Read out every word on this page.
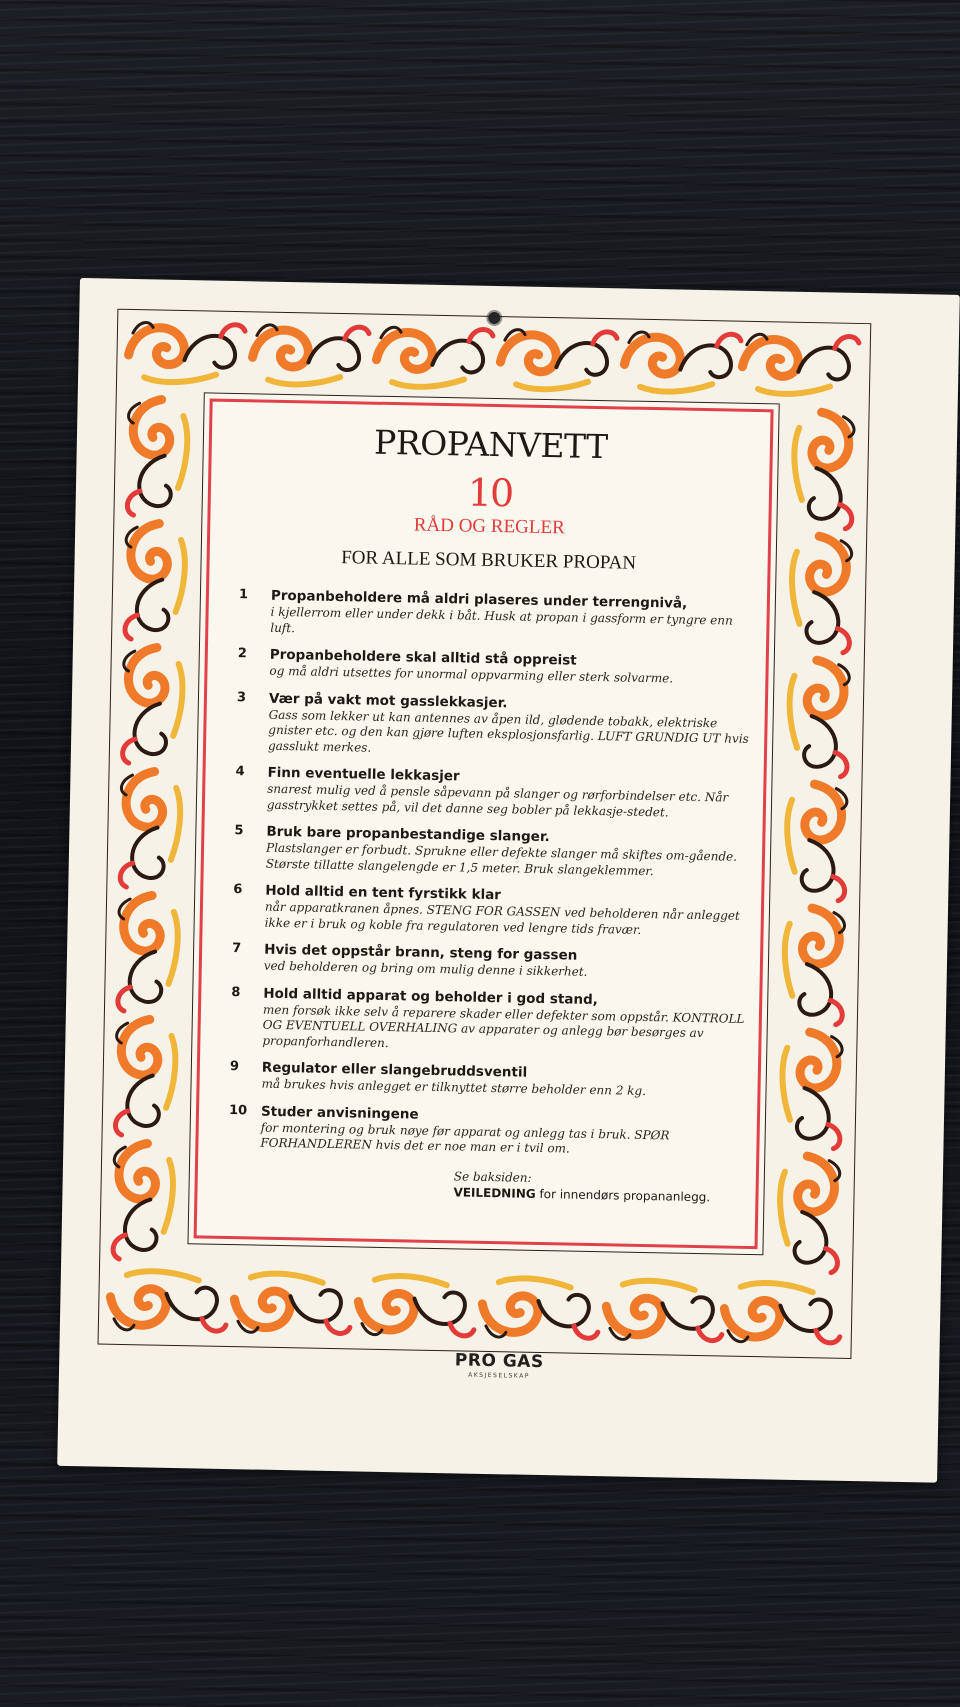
PROPANVETT
10
RÅD OG REGLER
FOR ALLE SOM BRUKER PROPAN
1	Propanbeholdere må aldri plaseres under terrengnivå,
i kjellerrom eller under dekk i båt. Husk at propan i gassform er tyngre enn luft.
2	Propanbeholdere skal alltid stå oppreist
og må aldri utsettes for unormal oppvarming eller sterk solvarme.
3	Vær på vakt mot gasslekkasjer.
Gass som lekker ut kan antennes av åpen ild, glødende tobakk, elektriske gnister etc. og den kan gjøre luften eksplosjonsfarlig. LUFT GRUNDIG UT hvis gasslukt merkes.
4	Finn eventuelle lekkasjer
snarest mulig ved å pensle såpevann på slanger og rørforbindelser etc. Når gasstrykket settes på, vil det danne seg bobler på lekkasje-stedet.
5	Bruk bare propanbestandige slanger.
Plastslanger er forbudt. Sprukne eller defekte slanger må skiftes om-gående. Største tillatte slangelengde er 1,5 meter. Bruk slangeklemmer.
6	Hold alltid en tent fyrstikk klar
når apparatkranen åpnes. STENG FOR GASSEN ved beholderen når anlegget ikke er i bruk og koble fra regulatoren ved lengre tids fravær.
7	Hvis det oppstår brann, steng for gassen
ved beholderen og bring om mulig denne i sikkerhet.
8	Hold alltid apparat og beholder i god stand,
men forsøk ikke selv å reparere skader eller defekter som oppstår. KONTROLL OG EVENTUELL OVERHALING av apparater og anlegg bør besørges av propanforhandleren.
9	Regulator eller slangebruddsventil
må brukes hvis anlegget er tilknyttet større beholder enn 2 kg.
10	Studer anvisningene
for montering og bruk nøye før apparat og anlegg tas i bruk. SPØR FORHANDLEREN hvis det er noe man er i tvil om.
Se baksiden:
VEILEDNING for innendørs propananlegg.
PRO GAS
AKSJESELSKAP
